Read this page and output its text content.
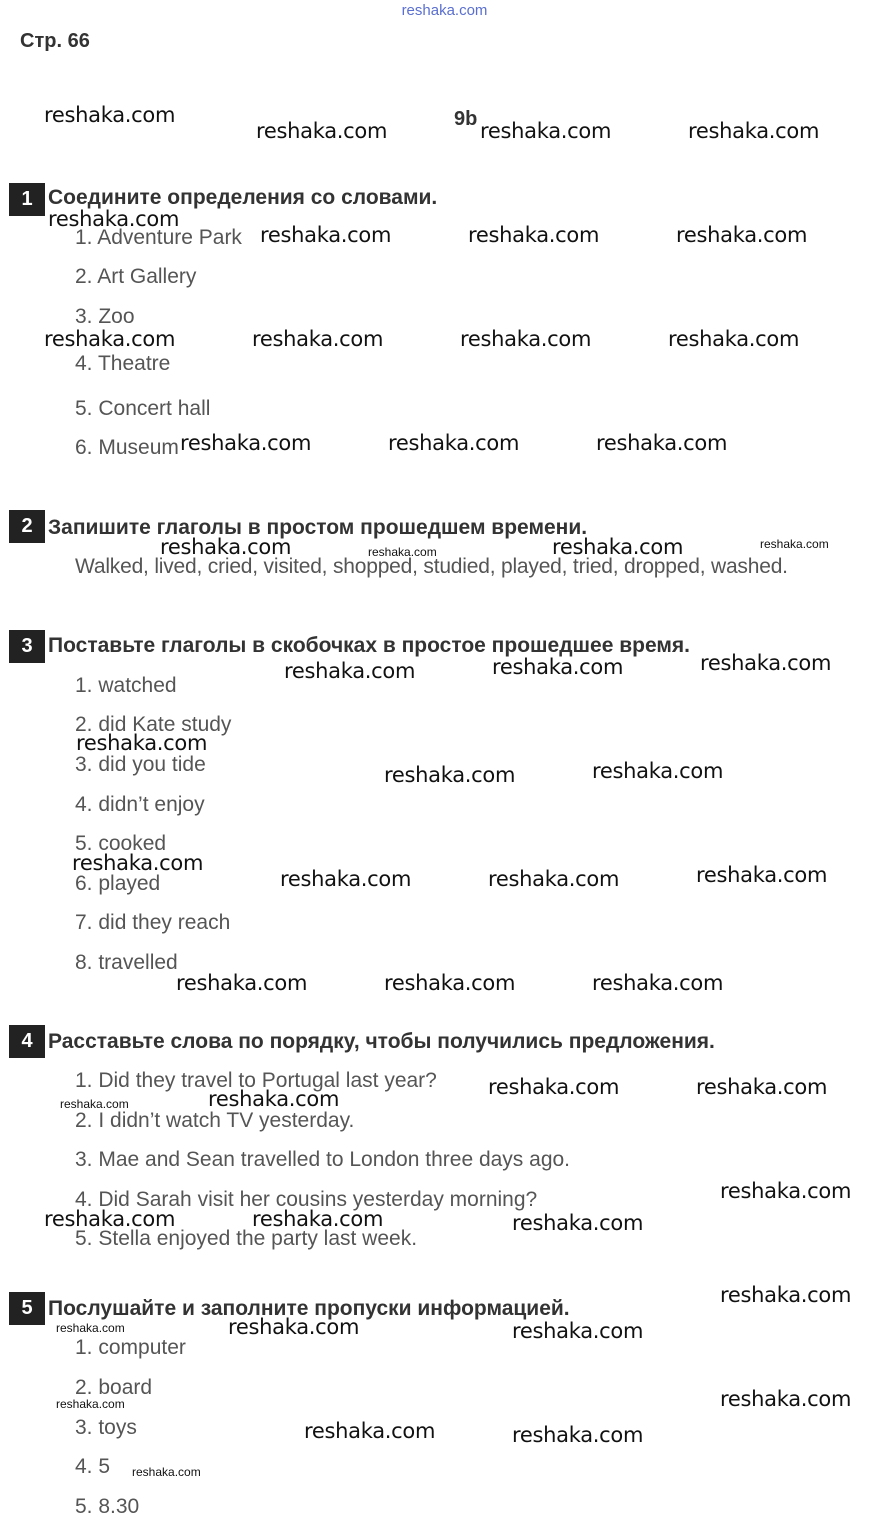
reshaka.com
Стр. 66
9b
1 Соедините определения со словами.
1. Adventure Park
2. Art Gallery
3. Zoo
4. Theatre
5. Concert hall
6. Museum
2 Запишите глаголы в простом прошедшем времени.
Walked, lived, cried, visited, shopped, studied, played, tried, dropped, washed.
3 Поставьте глаголы в скобочках в простое прошедшее время.
1. watched
2. did Kate study
3. did you tide
4. didn’t enjoy
5. cooked
6. played
7. did they reach
8. travelled
4 Расставьте слова по порядку, чтобы получились предложения.
1. Did they travel to Portugal last year?
2. I didn’t watch TV yesterday.
3. Mae and Sean travelled to London three days ago.
4. Did Sarah visit her cousins yesterday morning?
5. Stella enjoyed the party last week.
5 Послушайте и заполните пропуски информацией.
1. computer
2. board
3. toys
4. 5
5. 8.30
reshaka.com
reshaka.com	reshaka.com	reshaka.com
reshaka.com
reshaka.com	reshaka.com	reshaka.com
reshaka.com	reshaka.com	reshaka.com	reshaka.com
reshaka.com	reshaka.com	reshaka.com
reshaka.com	reshaka.com	reshaka.com	reshaka.com
reshaka.com	reshaka.com	reshaka.com
reshaka.com
reshaka.com	reshaka.com
reshaka.com
reshaka.com	reshaka.com	reshaka.com
reshaka.com	reshaka.com	reshaka.com
reshaka.com	reshaka.com
reshaka.com	reshaka.com
reshaka.com
reshaka.com	reshaka.com	reshaka.com
reshaka.com
reshaka.com	reshaka.com	reshaka.com
reshaka.com
reshaka.com
reshaka.com	reshaka.com
reshaka.com
